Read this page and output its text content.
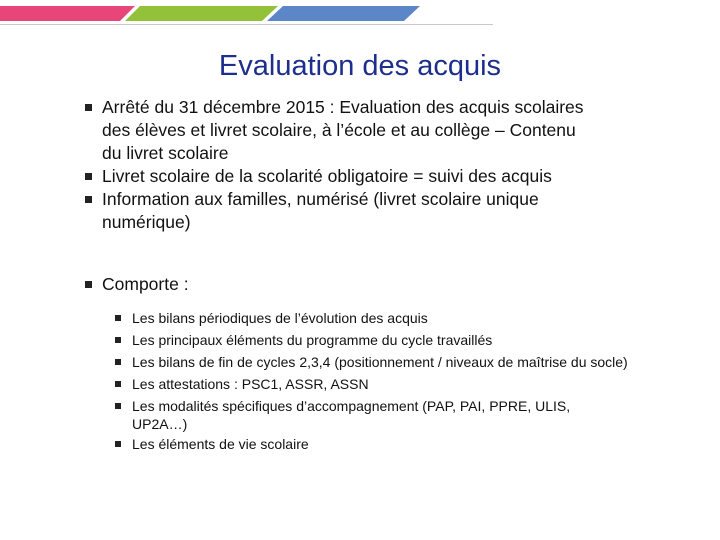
Evaluation des acquis
Arrêté du 31 décembre 2015 : Evaluation des acquis scolaires
des élèves et livret scolaire, à l’école et au collège – Contenu
du livret scolaire
Livret scolaire de la scolarité obligatoire = suivi des acquis
Information aux familles, numérisé (livret scolaire unique
numérique)
Comporte :
Les bilans périodiques de l’évolution des acquis
Les principaux éléments du programme du cycle travaillés
Les bilans de fin de cycles 2,3,4 (positionnement / niveaux de maîtrise du socle)
Les attestations : PSC1, ASSR, ASSN
Les modalités spécifiques d’accompagnement (PAP, PAI, PPRE, ULIS,
UP2A…)
Les éléments de vie scolaire
